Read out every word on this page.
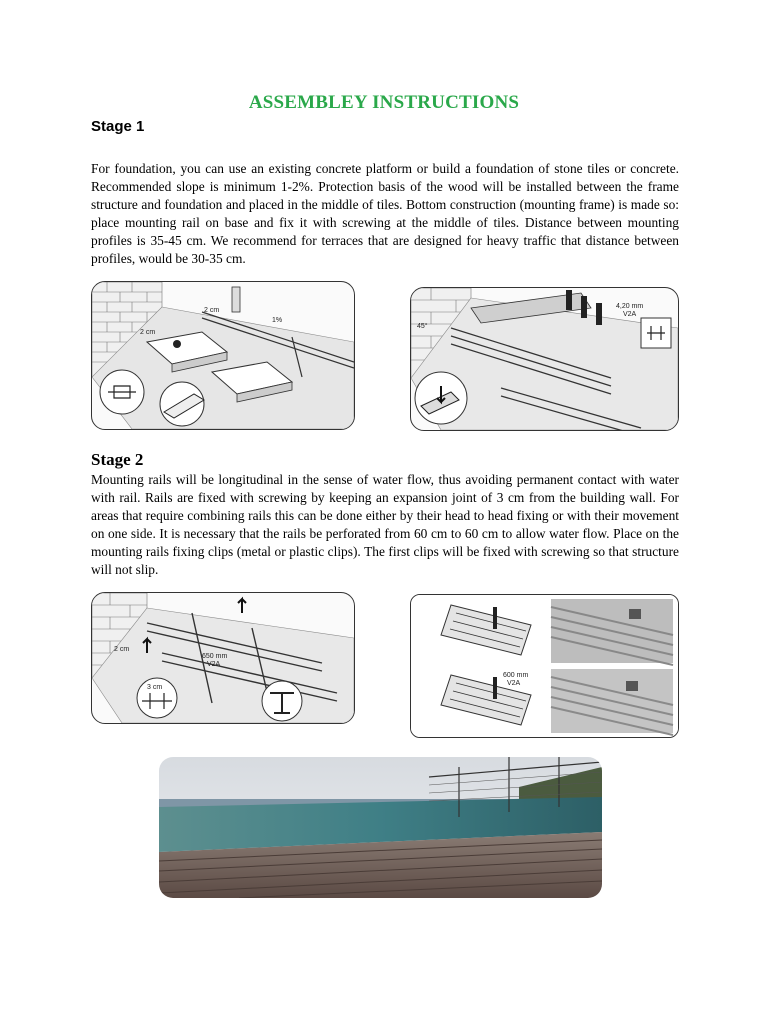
ASSEMBLEY INSTRUCTIONS
Stage 1

For foundation, you can use an existing concrete platform or build a foundation of stone tiles or concrete. Recommended slope is minimum 1-2%. Protection basis of the wood will be installed between the frame structure and foundation and placed in the middle of tiles. Bottom construction (mounting frame) is made so: place mounting rail on base and fix it with screwing at the middle of tiles. Distance between mounting profiles is 35-45 cm. We recommend for terraces that are designed for heavy traffic that distance between profiles, would be 30-35 cm.

2 cm
2 cm
1%
4,20 mm
V2A
45°
Stage 2

Mounting rails will be longitudinal in the sense of water flow, thus avoiding permanent contact with water with rail. Rails are fixed with screwing by keeping an expansion joint of 3 cm from the building wall. For areas that require combining rails this can be done either by their head to head fixing or with their movement on one side. It is necessary that the rails be perforated from 60 cm to 60 cm to allow water flow. Place on the mounting rails fixing clips (metal or plastic clips). The first clips will be fixed with screwing so that structure will not slip.

2 cm
650 mm
V2A
3 cm
600 mm
V2A
